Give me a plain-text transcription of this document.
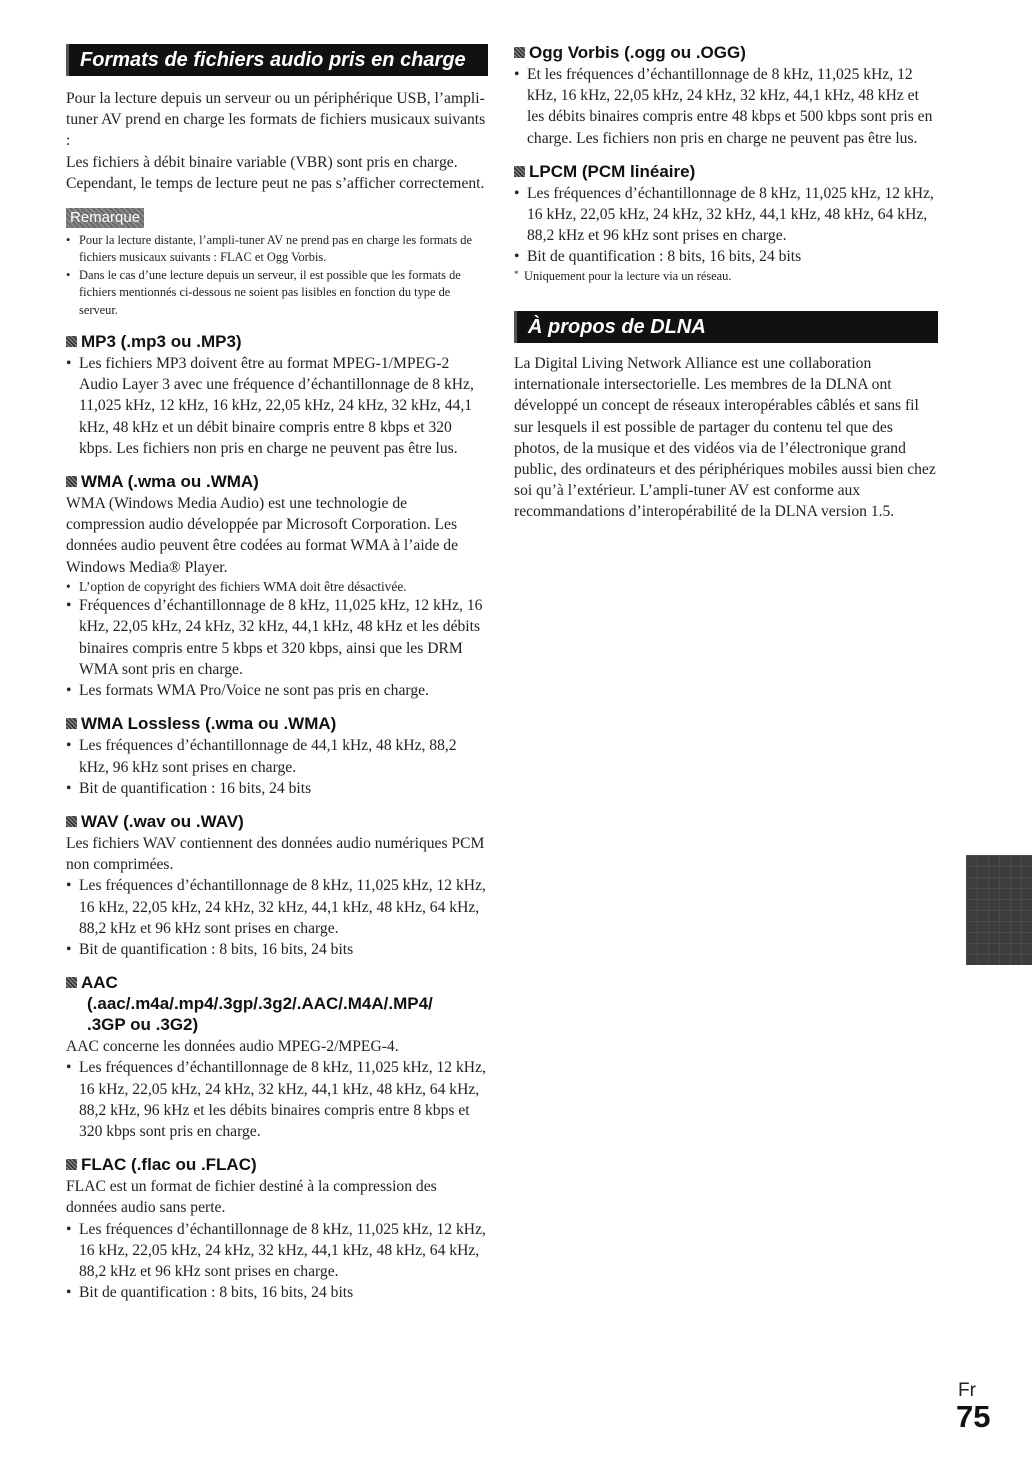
Formats de fichiers audio pris en charge

Pour la lecture depuis un serveur ou un périphérique USB, l’ampli-tuner AV prend en charge les formats de fichiers musicaux suivants :

Les fichiers à débit binaire variable (VBR) sont pris en charge. Cependant, le temps de lecture peut ne pas s’afficher correctement.

Remarque
• Pour la lecture distante, l’ampli-tuner AV ne prend pas en charge les formats de fichiers musicaux suivants : FLAC et Ogg Vorbis.
• Dans le cas d’une lecture depuis un serveur, il est possible que les formats de fichiers mentionnés ci-dessous ne soient pas lisibles en fonction du type de serveur.
MP3 (.mp3 ou .MP3)
• Les fichiers MP3 doivent être au format MPEG-1/MPEG-2 Audio Layer 3 avec une fréquence d’échantillonnage de 8 kHz, 11,025 kHz, 12 kHz, 16 kHz, 22,05 kHz, 24 kHz, 32 kHz, 44,1 kHz, 48 kHz et un débit binaire compris entre 8 kbps et 320 kbps. Les fichiers non pris en charge ne peuvent pas être lus.
WMA (.wma ou .WMA)

WMA (Windows Media Audio) est une technologie de compression audio développée par Microsoft Corporation. Les données audio peuvent être codées au format WMA à l’aide de Windows Media® Player.

• L’option de copyright des fichiers WMA doit être désactivée.
• Fréquences d’échantillonnage de 8 kHz, 11,025 kHz, 12 kHz, 16 kHz, 22,05 kHz, 24 kHz, 32 kHz, 44,1 kHz, 48 kHz et les débits binaires compris entre 5 kbps et 320 kbps, ainsi que les DRM WMA sont pris en charge.
• Les formats WMA Pro/Voice ne sont pas pris en charge.
WMA Lossless (.wma ou .WMA)
• Les fréquences d’échantillonnage de 44,1 kHz, 48 kHz, 88,2 kHz, 96 kHz sont prises en charge.
• Bit de quantification : 16 bits, 24 bits
WAV (.wav ou .WAV)

Les fichiers WAV contiennent des données audio numériques PCM non comprimées.

• Les fréquences d’échantillonnage de 8 kHz, 11,025 kHz, 12 kHz, 16 kHz, 22,05 kHz, 24 kHz, 32 kHz, 44,1 kHz, 48 kHz, 64 kHz, 88,2 kHz et 96 kHz sont prises en charge.
• Bit de quantification : 8 bits, 16 bits, 24 bits
AAC
(.aac/.m4a/.mp4/.3gp/.3g2/.AAC/.M4A/.MP4/
.3GP ou .3G2)

AAC concerne les données audio MPEG-2/MPEG-4.

• Les fréquences d’échantillonnage de 8 kHz, 11,025 kHz, 12 kHz, 16 kHz, 22,05 kHz, 24 kHz, 32 kHz, 44,1 kHz, 48 kHz, 64 kHz, 88,2 kHz, 96 kHz et les débits binaires compris entre 8 kbps et 320 kbps sont pris en charge.
FLAC (.flac ou .FLAC)

FLAC est un format de fichier destiné à la compression des données audio sans perte.

• Les fréquences d’échantillonnage de 8 kHz, 11,025 kHz, 12 kHz, 16 kHz, 22,05 kHz, 24 kHz, 32 kHz, 44,1 kHz, 48 kHz, 64 kHz, 88,2 kHz et 96 kHz sont prises en charge.
• Bit de quantification : 8 bits, 16 bits, 24 bits
Ogg Vorbis (.ogg ou .OGG)
• Et les fréquences d’échantillonnage de 8 kHz, 11,025 kHz, 12 kHz, 16 kHz, 22,05 kHz, 24 kHz, 32 kHz, 44,1 kHz, 48 kHz et les débits binaires compris entre 48 kbps et 500 kbps sont pris en charge. Les fichiers non pris en charge ne peuvent pas être lus.
LPCM (PCM linéaire)
• Les fréquences d’échantillonnage de 8 kHz, 11,025 kHz, 12 kHz, 16 kHz, 22,05 kHz, 24 kHz, 32 kHz, 44,1 kHz, 48 kHz, 64 kHz, 88,2 kHz et 96 kHz sont prises en charge.
• Bit de quantification : 8 bits, 16 bits, 24 bits
* Uniquement pour la lecture via un réseau.
À propos de DLNA

La Digital Living Network Alliance est une collaboration internationale intersectorielle. Les membres de la DLNA ont développé un concept de réseaux interopérables câblés et sans fil sur lesquels il est possible de partager du contenu tel que des photos, de la musique et des vidéos via de l’électronique grand public, des ordinateurs et des périphériques mobiles aussi bien chez soi qu’à l’extérieur. L’ampli-tuner AV est conforme aux recommandations d’interopérabilité de la DLNA version 1.5.

Fr
75
